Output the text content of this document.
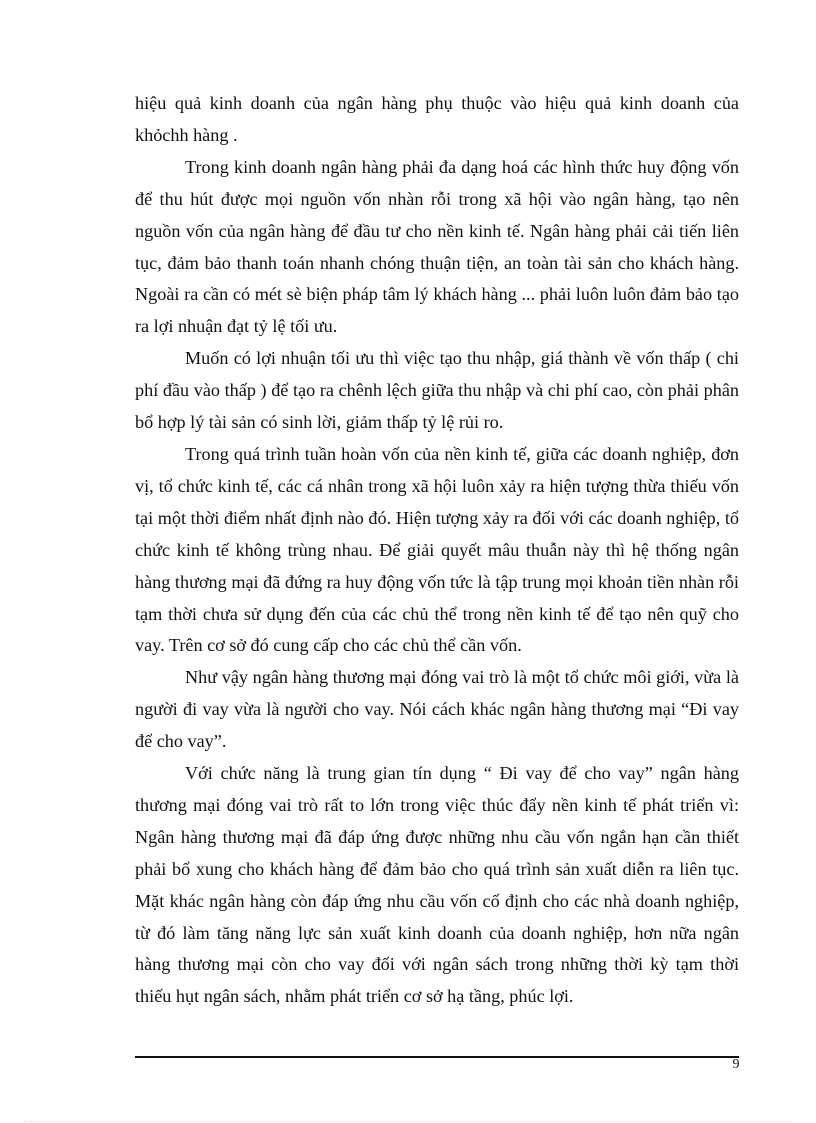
hiệu quả kinh doanh của ngân hàng phụ thuộc vào hiệu quả kinh doanh của khỏchh hàng .

Trong kinh doanh ngân hàng phải đa dạng hoá các hình thức huy động vốn để thu hút được mọi nguồn vốn nhàn rỗi trong xã hội vào ngân hàng, tạo nên nguồn vốn của ngân hàng để đầu tư cho nền kinh tế. Ngân hàng phải cải tiến liên tục, đảm bảo thanh toán nhanh chóng thuận tiện, an toàn tài sản cho khách hàng. Ngoài ra cần có mét sè biện pháp tâm lý khách hàng ... phải luôn luôn đảm bảo tạo ra lợi nhuận đạt tỷ lệ tối ưu.

Muốn có lợi nhuận tối ưu thì việc tạo thu nhập, giá thành về vốn thấp ( chi phí đầu vào thấp ) để tạo ra chênh lệch giữa thu nhập và chi phí cao, còn phải phân bổ hợp lý tài sản có sinh lời, giảm thấp tỷ lệ rủi ro.

Trong quá trình tuần hoàn vốn của nền kinh tế, giữa các doanh nghiệp, đơn vị, tổ chức kinh tế, các cá nhân trong xã hội luôn xảy ra hiện tượng thừa thiếu vốn tại một thời điểm nhất định nào đó. Hiện tượng xảy ra đối với các doanh nghiệp, tổ chức kinh tế không trùng nhau. Để giải quyết mâu thuẫn này thì hệ thống ngân hàng thương mại đã đứng ra huy động vốn tức là tập trung mọi khoản tiền nhàn rỗi tạm thời chưa sử dụng đến của các chủ thể trong nền kinh tế để tạo nên quỹ cho vay. Trên cơ sở đó cung cấp cho các chủ thể cần vốn.

Như vậy ngân hàng thương mại đóng vai trò là một tổ chức môi giới, vừa là người đi vay vừa là người cho vay. Nói cách khác ngân hàng thương mại “Đi vay để cho vay”.

Với chức năng là trung gian tín dụng “ Đi vay để cho vay” ngân hàng thương mại đóng vai trò rất to lớn trong việc thúc đẩy nền kinh tế phát triển vì: Ngân hàng thương mại đã đáp ứng được những nhu cầu vốn ngắn hạn cần thiết phải bổ xung cho khách hàng để đảm bảo cho quá trình sản xuất diễn ra liên tục. Mặt khác ngân hàng còn đáp ứng nhu cầu vốn cố định cho các nhà doanh nghiệp, từ đó làm tăng năng lực sản xuất kinh doanh của doanh nghiệp, hơn nữa ngân hàng thương mại còn cho vay đối với ngân sách trong những thời kỳ tạm thời thiếu hụt ngân sách, nhằm phát triển cơ sở hạ tầng, phúc lợi.

9
